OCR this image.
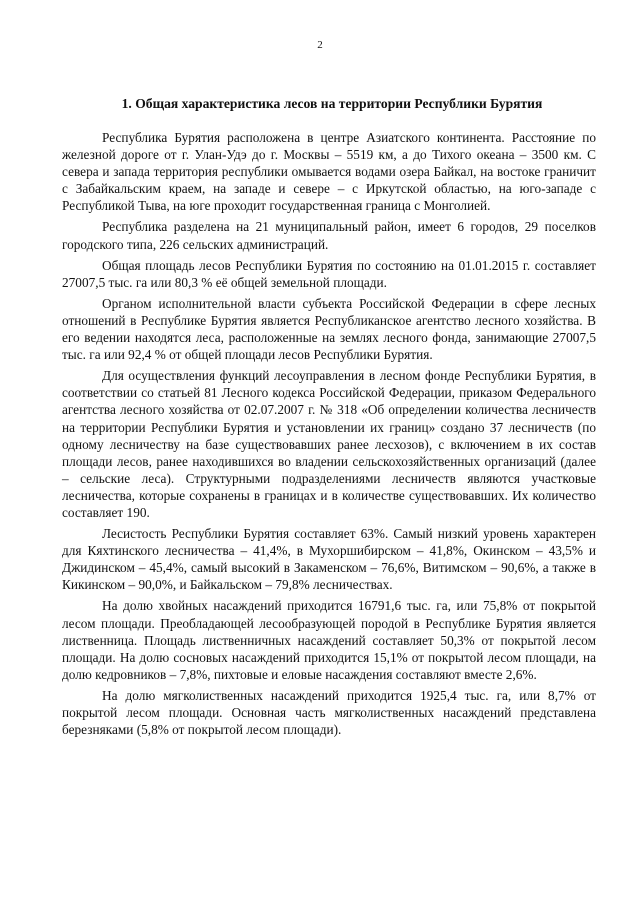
2
1. Общая характеристика лесов на территории Республики Бурятия

Республика Бурятия расположена в центре Азиатского континента. Расстояние по железной дороге от г. Улан-Удэ до г. Москвы – 5519 км, а до Тихого океана – 3500 км. С севера и запада территория республики омывается водами озера Байкал, на востоке граничит с Забайкальским краем, на западе и севере – с Иркутской областью, на юго-западе с Республикой Тыва, на юге проходит государственная граница с Монголией.

Республика разделена на 21 муниципальный район, имеет 6 городов, 29 поселков городского типа, 226 сельских администраций.

Общая площадь лесов Республики Бурятия по состоянию на 01.01.2015 г. составляет 27007,5 тыс. га или 80,3 % её общей земельной площади.

Органом исполнительной власти субъекта Российской Федерации в сфере лесных отношений в Республике Бурятия является Республиканское агентство лесного хозяйства. В его ведении находятся леса, расположенные на землях лесного фонда, занимающие 27007,5 тыс. га или 92,4 % от общей площади лесов Республики Бурятия.

Для осуществления функций лесоуправления в лесном фонде Республики Бурятия, в соответствии со статьей 81 Лесного кодекса Российской Федерации, приказом Федерального агентства лесного хозяйства от 02.07.2007 г. № 318 «Об определении количества лесничеств на территории Республики Бурятия и установлении их границ» создано 37 лесничеств (по одному лесничеству на базе существовавших ранее лесхозов), с включением в их состав площади лесов, ранее находившихся во владении сельскохозяйственных организаций (далее – сельские леса). Структурными подразделениями лесничеств являются участковые лесничества, которые сохранены в границах и в количестве существовавших. Их количество составляет 190.

Лесистость Республики Бурятия составляет 63%. Самый низкий уровень характерен для Кяхтинского лесничества – 41,4%, в Мухоршибирском – 41,8%, Окинском – 43,5% и Джидинском – 45,4%, самый высокий в Закаменском – 76,6%, Витимском – 90,6%, а также в Кикинском – 90,0%, и Байкальском – 79,8% лесничествах.

На долю хвойных насаждений приходится 16791,6 тыс. га, или 75,8% от покрытой лесом площади. Преобладающей лесообразующей породой в Республике Бурятия является лиственница. Площадь лиственничных насаждений составляет 50,3% от покрытой лесом площади. На долю сосновых насаждений приходится 15,1% от покрытой лесом площади, на долю кедровников – 7,8%, пихтовые и еловые насаждения составляют вместе 2,6%.

На долю мягколиственных насаждений приходится 1925,4 тыс. га, или 8,7% от покрытой лесом площади. Основная часть мягколиственных насаждений представлена березняками (5,8% от покрытой лесом площади).
